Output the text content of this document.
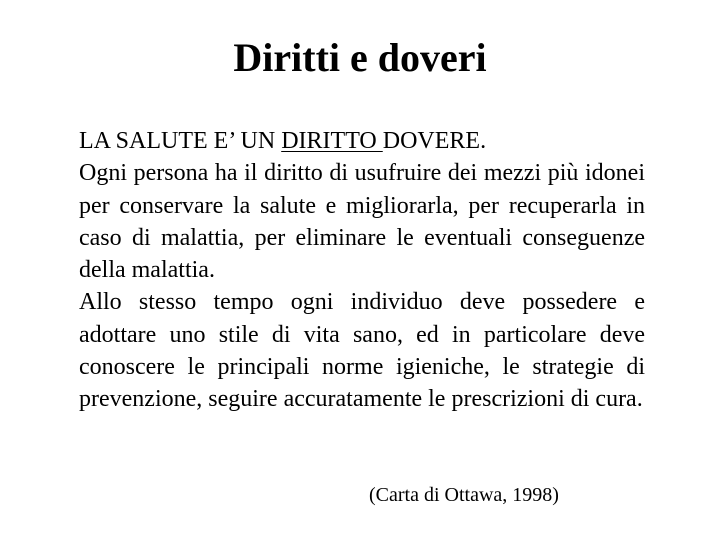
Diritti e doveri

LA SALUTE E’ UN DIRITTO DOVERE.

Ogni persona ha il diritto di usufruire dei mezzi più idonei per conservare la salute e migliorarla, per recuperarla in caso di malattia, per eliminare le eventuali conseguenze della malattia.

Allo stesso tempo ogni individuo deve possedere e adottare uno stile di vita sano, ed in particolare deve conoscere le principali norme igieniche, le strategie di prevenzione, seguire accuratamente le prescrizioni di cura.

(Carta di Ottawa, 1998)
